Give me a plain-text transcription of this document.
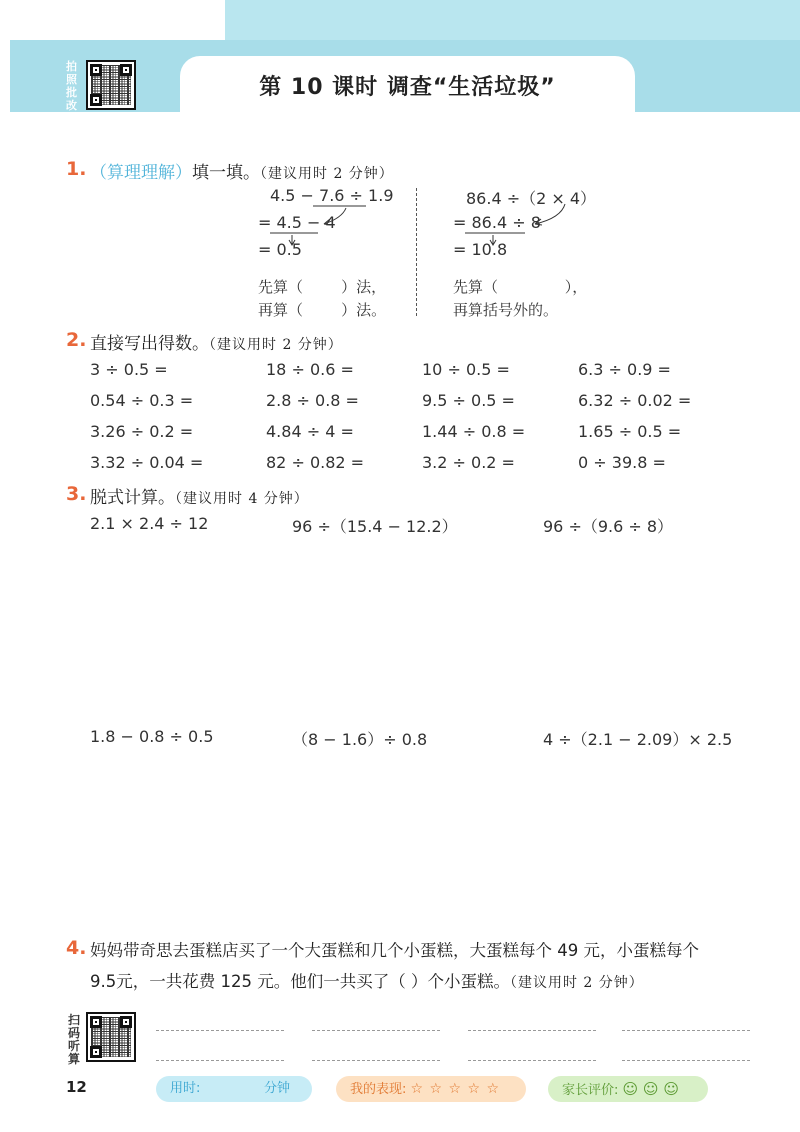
第 10 课时 调查“生活垃圾”
拍照批改
1. （算理理解）填一填。（建议用时 2 分钟）
4.5 − 7.6 ÷ 1.9
= 4.5 − 4
= 0.5
先算（        ）法，
再算（        ）法。
86.4 ÷（2 × 4）
= 86.4 ÷ 8
= 10.8
先算（              ），
再算括号外的。
2. 直接写出得数。（建议用时 2 分钟）
3 ÷ 0.5 =	18 ÷ 0.6 =	10 ÷ 0.5 =	6.3 ÷ 0.9 =
0.54 ÷ 0.3 =	2.8 ÷ 0.8 =	9.5 ÷ 0.5 =	6.32 ÷ 0.02 =
3.26 ÷ 0.2 =	4.84 ÷ 4 =	1.44 ÷ 0.8 =	1.65 ÷ 0.5 =
3.32 ÷ 0.04 =	82 ÷ 0.82 =	3.2 ÷ 0.2 =	0 ÷ 39.8 =
3. 脱式计算。（建议用时 4 分钟）
2.1 × 2.4 ÷ 12	96 ÷（15.4 − 12.2）	96 ÷（9.6 ÷ 8）
1.8 − 0.8 ÷ 0.5	（8 − 1.6）÷ 0.8	4 ÷（2.1 − 2.09）× 2.5
4. 妈妈带奇思去蛋糕店买了一个大蛋糕和几个小蛋糕，大蛋糕每个 49 元，小蛋糕每个
9.5元，一共花费 125 元。他们一共买了（ ）个小蛋糕。（建议用时 2 分钟）
扫码听算
12	用时:	分钟	我的表现: ☆ ☆ ☆ ☆ ☆	家长评价: ☺ ☺ ☺
